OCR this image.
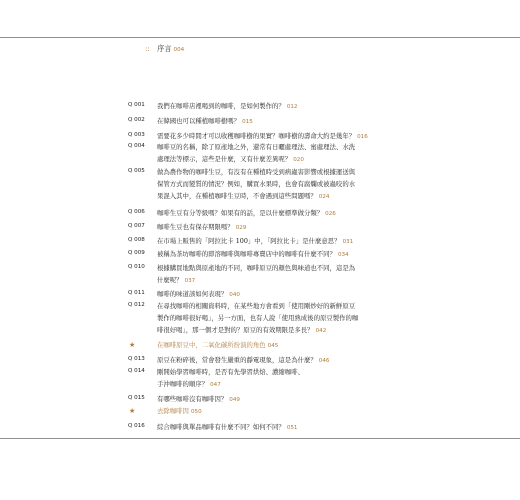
:: 序言 004
Q 001 我們在咖啡店裡喝到的咖啡，是如何製作的？ 012
Q 002 在韓國也可以種植咖啡樹嗎？ 015
Q 003 需要花多少時間才可以收穫咖啡樹的果實？咖啡樹的壽命大約是幾年？ 016
Q 004 咖啡豆的名稱，除了原產地之外，還常有日曬處理法、蜜處理法、水洗
處理法等標示，這些是什麼，又有什麼差異呢？ 020
Q 005 做為農作物的咖啡生豆，有沒有在種植時受到病蟲害影響或根據運送與
保管方式而變質的情況？例如，購買水果時，也會有腐爛或被蟲咬的水
果混入其中，在種植咖啡生豆時，不會遇到這些問題嗎？ 024
Q 006 咖啡生豆有分等級嗎？如果有的話，是以什麼標準做分類？ 026
Q 007 咖啡生豆也有保存期限嗎？ 029
Q 008 在市場上販售的「阿拉比卡 100」中，「阿拉比卡」是什麼意思？ 031
Q 009 被稱為茶坊咖啡的即溶咖啡與咖啡專賣店中的咖啡有什麼不同？ 034
Q 010 根據購買地點與原產地的不同，咖啡原豆的顏色與味道也不同，這是為
什麼呢？ 037
Q 011 咖啡的味道該如何表現？ 040
Q 012 在尋找咖啡的相關資料時，在某些地方會看到「使用剛炒好的新鮮原豆
製作的咖啡很好喝」，另一方面，也有人說「使用熟成後的原豆製作的咖
啡很好喝」，那一個才是對的？原豆的有效期限是多長？ 042
★	在咖啡原豆中，二氧化碳所扮演的角色 045
Q 013 原豆在粉碎後，常會發生嚴重的靜電現象，這是為什麼？ 046
Q 014 剛開始學習咖啡時，是否有先學習烘焙、濃縮咖啡、
手沖咖啡的順序？ 047
Q 015 有哪些咖啡沒有咖啡因？ 049
★	去除咖啡因 050
Q 016 綜合咖啡與單品咖啡有什麼不同？如何不同？ 051
